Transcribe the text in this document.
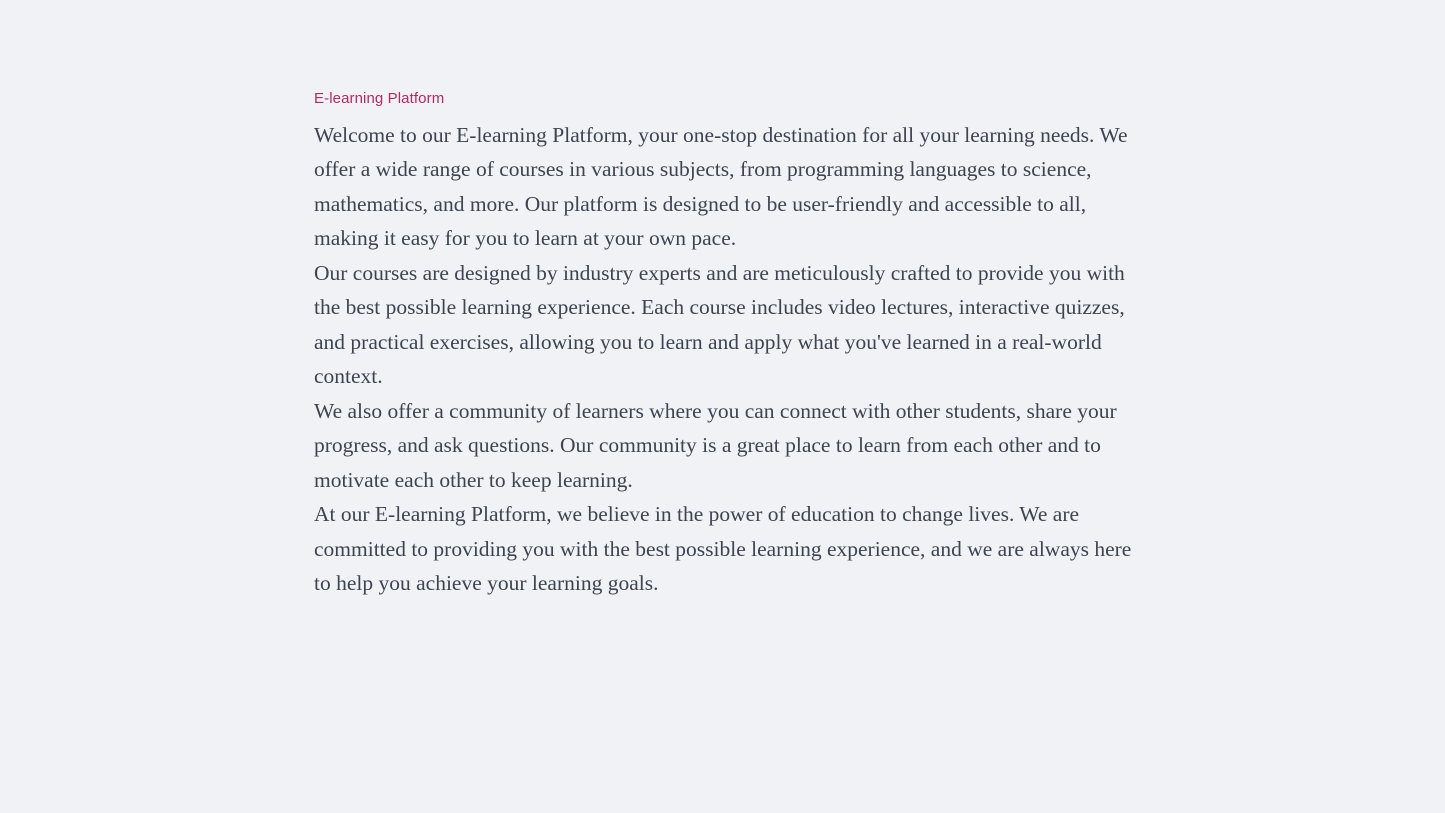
E-learning Platform

Welcome to our E-learning Platform, your one-stop destination for all your learning needs. We offer a wide range of courses in various subjects, from programming languages to science, mathematics, and more. Our platform is designed to be user-friendly and accessible to all, making it easy for you to learn at your own pace.

Our courses are designed by industry experts and are meticulously crafted to provide you with the best possible learning experience. Each course includes video lectures, interactive quizzes, and practical exercises, allowing you to learn and apply what you've learned in a real-world context.

We also offer a community of learners where you can connect with other students, share your progress, and ask questions. Our community is a great place to learn from each other and to motivate each other to keep learning.

At our E-learning Platform, we believe in the power of education to change lives. We are committed to providing you with the best possible learning experience, and we are always here to help you achieve your learning goals.
